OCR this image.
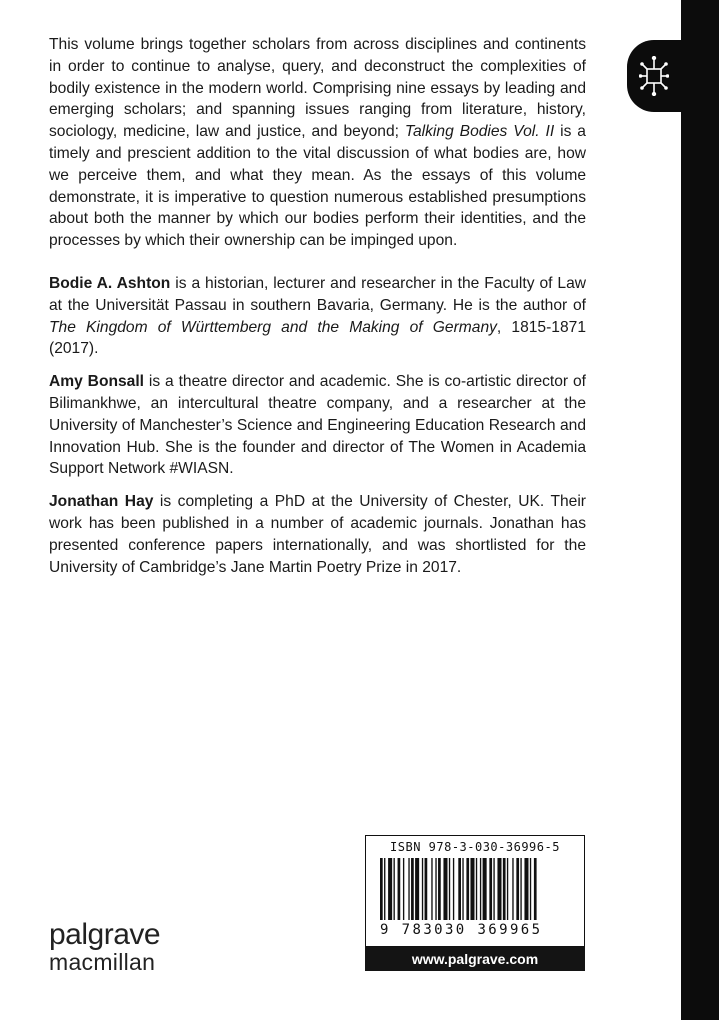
This volume brings together scholars from across disciplines and continents in order to continue to analyse, query, and deconstruct the complexities of bodily existence in the modern world. Comprising nine essays by leading and emerging scholars; and spanning issues ranging from literature, history, sociology, medicine, law and justice, and beyond; Talking Bodies Vol. II is a timely and prescient addition to the vital discussion of what bodies are, how we perceive them, and what they mean. As the essays of this volume demonstrate, it is imperative to question numerous established presumptions about both the manner by which our bodies perform their identities, and the processes by which their ownership can be impinged upon.

Bodie A. Ashton is a historian, lecturer and researcher in the Faculty of Law at the Universität Passau in southern Bavaria, Germany. He is the author of The Kingdom of Württemberg and the Making of Germany, 1815-1871 (2017).

Amy Bonsall is a theatre director and academic. She is co-artistic director of Bilimankhwe, an intercultural theatre company, and a researcher at the University of Manchester’s Science and Engineering Education Research and Innovation Hub. She is the founder and director of The Women in Academia Support Network #WIASN.

Jonathan Hay is completing a PhD at the University of Chester, UK. Their work has been published in a number of academic journals. Jonathan has presented conference papers internationally, and was shortlisted for the University of Cambridge’s Jane Martin Poetry Prize in 2017.

ISBN 978-3-030-36996-5
9 783030 369965
www.palgrave.com
palgrave
macmillan
